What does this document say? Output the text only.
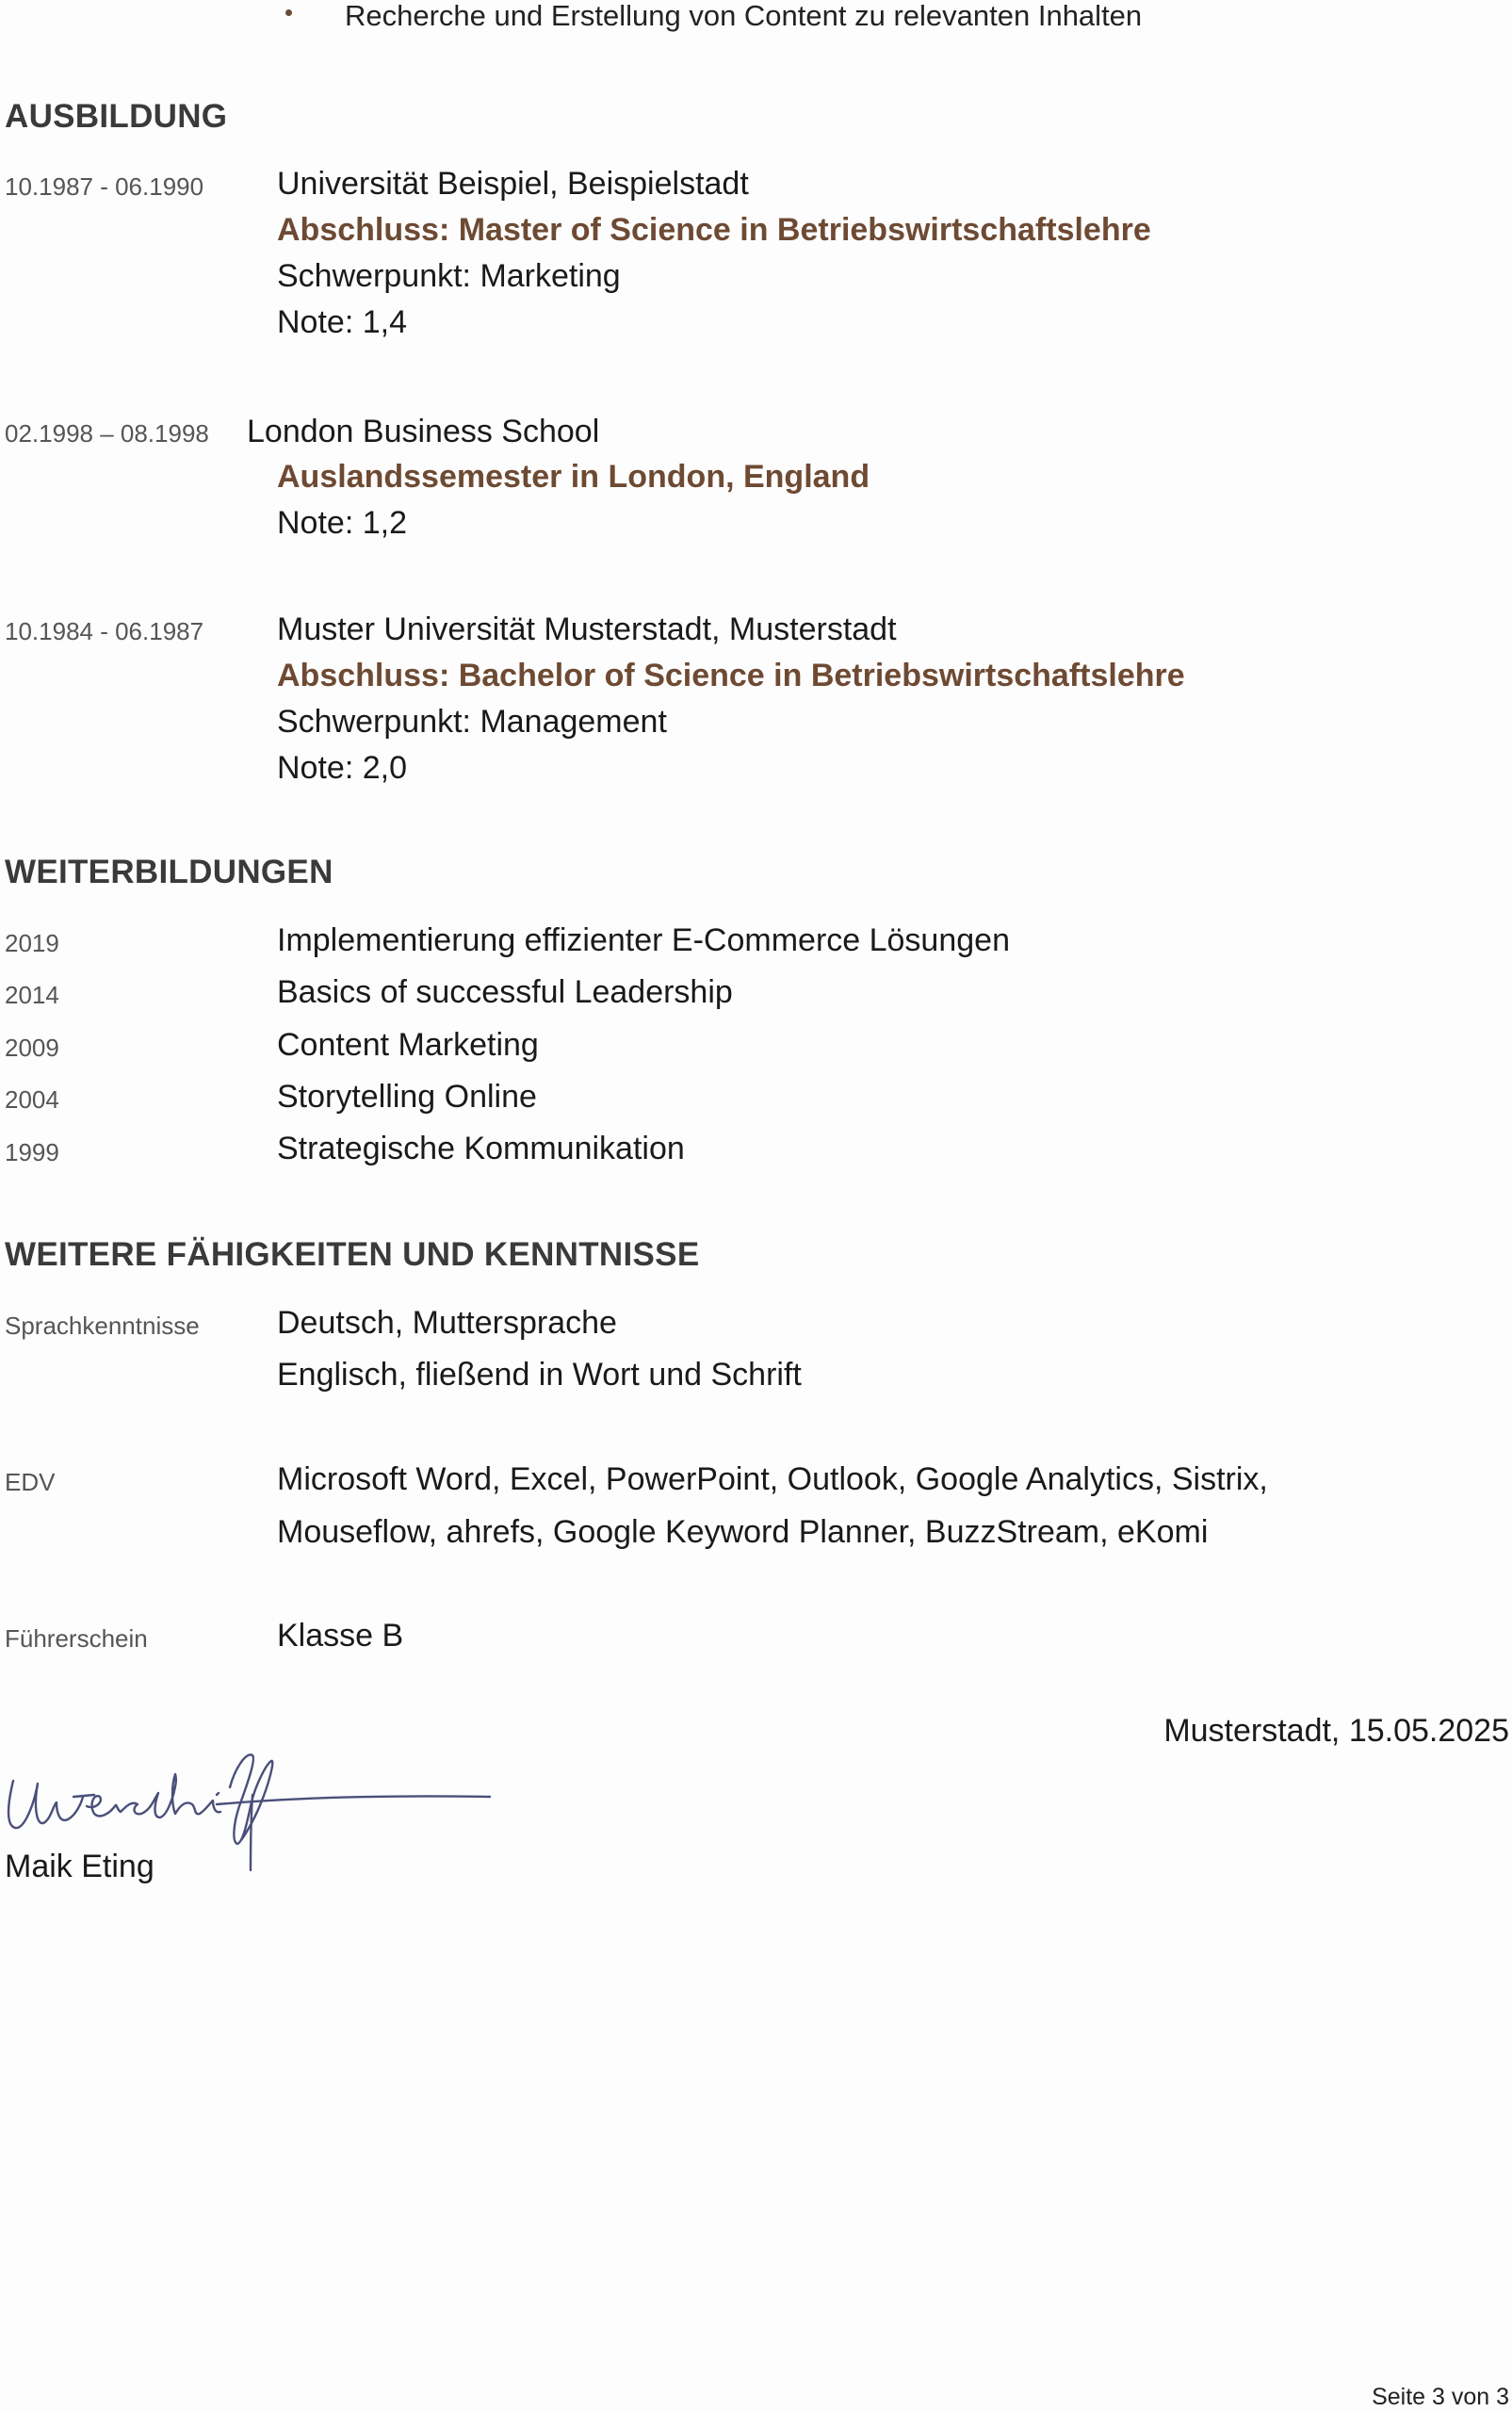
Recherche und Erstellung von Content zu relevanten Inhalten
AUSBILDUNG
10.1987 - 06.1990 Universität Beispiel, Beispielstadt
Abschluss: Master of Science in Betriebswirtschaftslehre
Schwerpunkt: Marketing
Note: 1,4
02.1998 – 08.1998 London Business School
Auslandssemester in London, England
Note: 1,2
10.1984 - 06.1987 Muster Universität Musterstadt, Musterstadt
Abschluss: Bachelor of Science in Betriebswirtschaftslehre
Schwerpunkt: Management
Note: 2,0
WEITERBILDUNGEN
2019	Implementierung effizienter E-Commerce Lösungen
2014	Basics of successful Leadership
2009	Content Marketing
2004	Storytelling Online
1999	Strategische Kommunikation
WEITERE FÄHIGKEITEN UND KENNTNISSE
Sprachkenntnisse Deutsch, Muttersprache
Englisch, fließend in Wort und Schrift
EDV	Microsoft Word, Excel, PowerPoint, Outlook, Google Analytics, Sistrix,
Mouseflow, ahrefs, Google Keyword Planner, BuzzStream, eKomi
Führerschein	Klasse B
Musterstadt, 15.05.2025
Maik Eting
Seite 3 von 3
